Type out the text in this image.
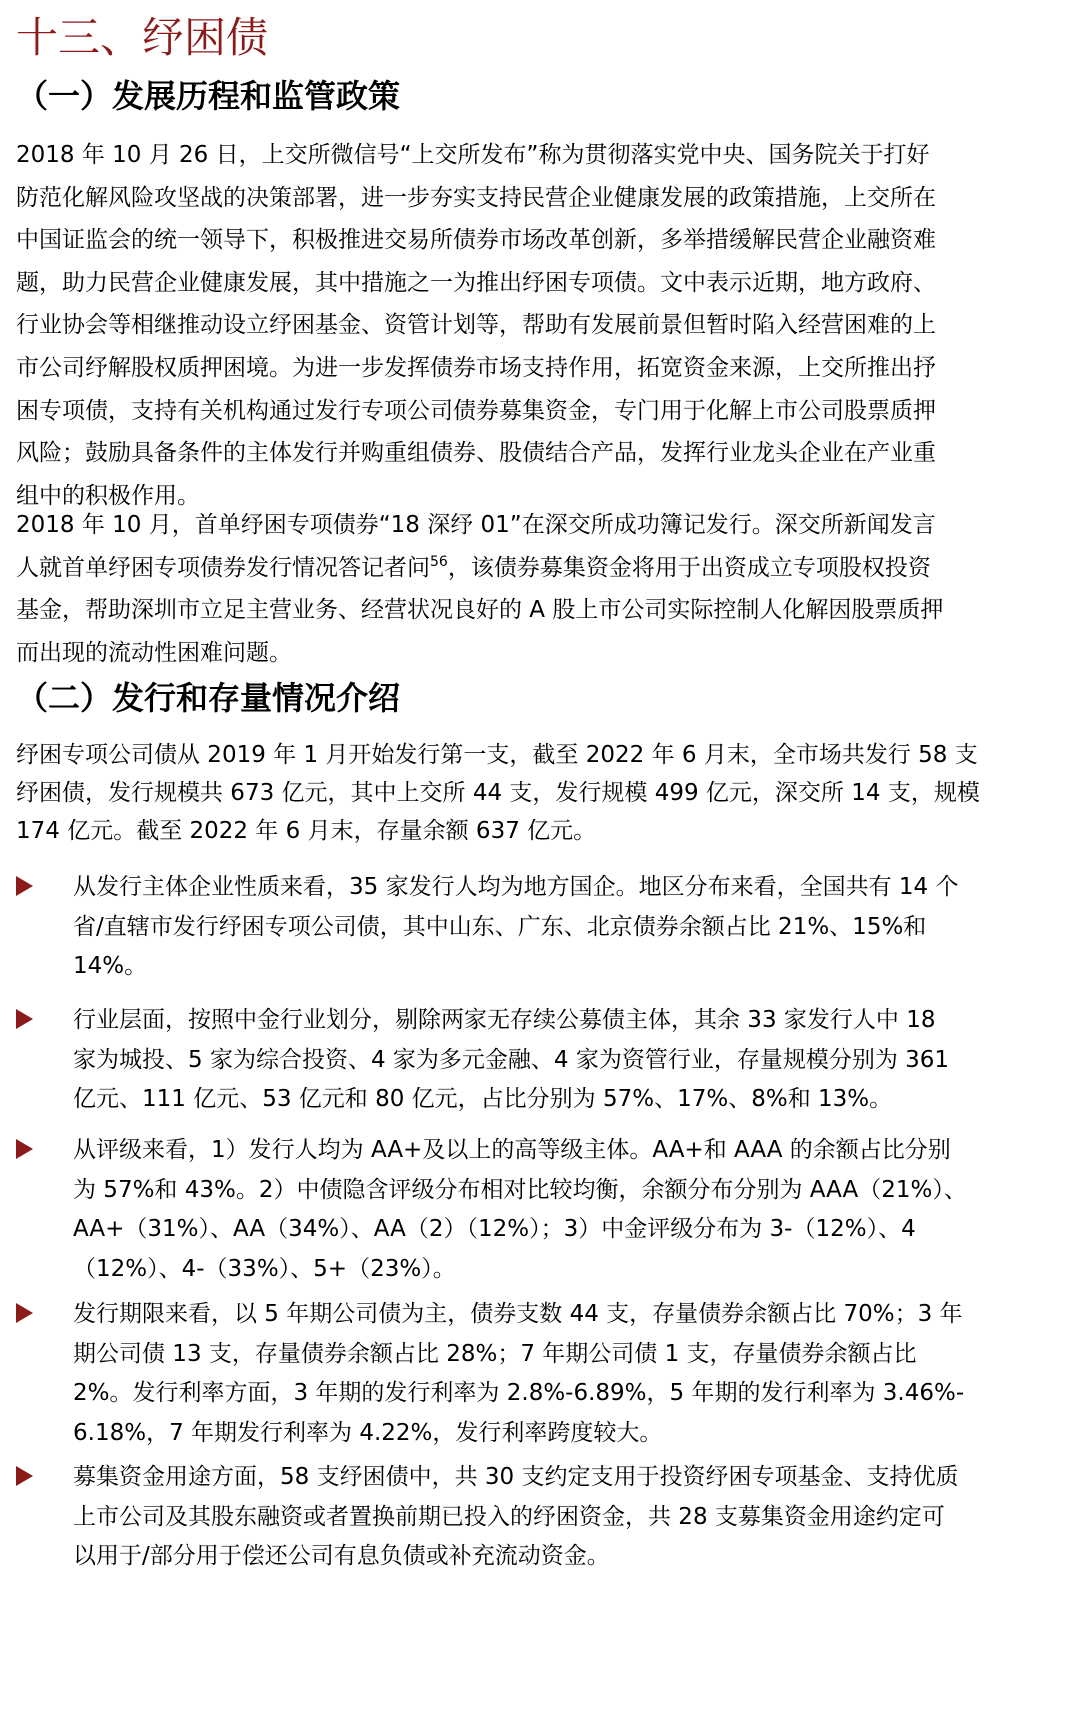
十三、纾困债
（一）发展历程和监管政策
2018 年 10 月 26 日，上交所微信号“上交所发布”称为贯彻落实党中央、国务院关于打好
防范化解风险攻坚战的决策部署，进一步夯实支持民营企业健康发展的政策措施，上交所在
中国证监会的统一领导下，积极推进交易所债券市场改革创新，多举措缓解民营企业融资难
题，助力民营企业健康发展，其中措施之一为推出纾困专项债。文中表示近期，地方政府、
行业协会等相继推动设立纾困基金、资管计划等，帮助有发展前景但暂时陷入经营困难的上
市公司纾解股权质押困境。为进一步发挥债券市场支持作用，拓宽资金来源，上交所推出抒
困专项债，支持有关机构通过发行专项公司债券募集资金，专门用于化解上市公司股票质押
风险；鼓励具备条件的主体发行并购重组债券、股债结合产品，发挥行业龙头企业在产业重
组中的积极作用。
2018 年 10 月，首单纾困专项债券“18 深纾 01”在深交所成功簿记发行。深交所新闻发言
人就首单纾困专项债券发行情况答记者问$^{56}$，该债券募集资金将用于出资成立专项股权投资
基金，帮助深圳市立足主营业务、经营状况良好的 A 股上市公司实际控制人化解因股票质押
而出现的流动性困难问题。
（二）发行和存量情况介绍
纾困专项公司债从 2019 年 1 月开始发行第一支，截至 2022 年 6 月末，全市场共发行 58 支
纾困债，发行规模共 673 亿元，其中上交所 44 支，发行规模 499 亿元，深交所 14 支，规模
174 亿元。截至 2022 年 6 月末，存量余额 637 亿元。
从发行主体企业性质来看，35 家发行人均为地方国企。地区分布来看，全国共有 14 个
省/直辖市发行纾困专项公司债，其中山东、广东、北京债券余额占比 21%、15%和
14%。
行业层面，按照中金行业划分，剔除两家无存续公募债主体，其余 33 家发行人中 18
家为城投、5 家为综合投资、4 家为多元金融、4 家为资管行业，存量规模分别为 361
亿元、111 亿元、53 亿元和 80 亿元，占比分别为 57%、17%、8%和 13%。
从评级来看，1）发行人均为 AA+及以上的高等级主体。AA+和 AAA 的余额占比分别
为 57%和 43%。2）中债隐含评级分布相对比较均衡，余额分布分别为 AAA（21%）、
AA+（31%）、AA（34%）、AA（2）（12%）；3）中金评级分布为 3-（12%）、4
（12%）、4-（33%）、5+（23%）。
发行期限来看，以 5 年期公司债为主，债券支数 44 支，存量债券余额占比 70%；3 年
期公司债 13 支，存量债券余额占比 28%；7 年期公司债 1 支，存量债券余额占比
2%。发行利率方面，3 年期的发行利率为 2.8%-6.89%，5 年期的发行利率为 3.46%-
6.18%，7 年期发行利率为 4.22%，发行利率跨度较大。
募集资金用途方面，58 支纾困债中，共 30 支约定支用于投资纾困专项基金、支持优质
上市公司及其股东融资或者置换前期已投入的纾困资金，共 28 支募集资金用途约定可
以用于/部分用于偿还公司有息负债或补充流动资金。
